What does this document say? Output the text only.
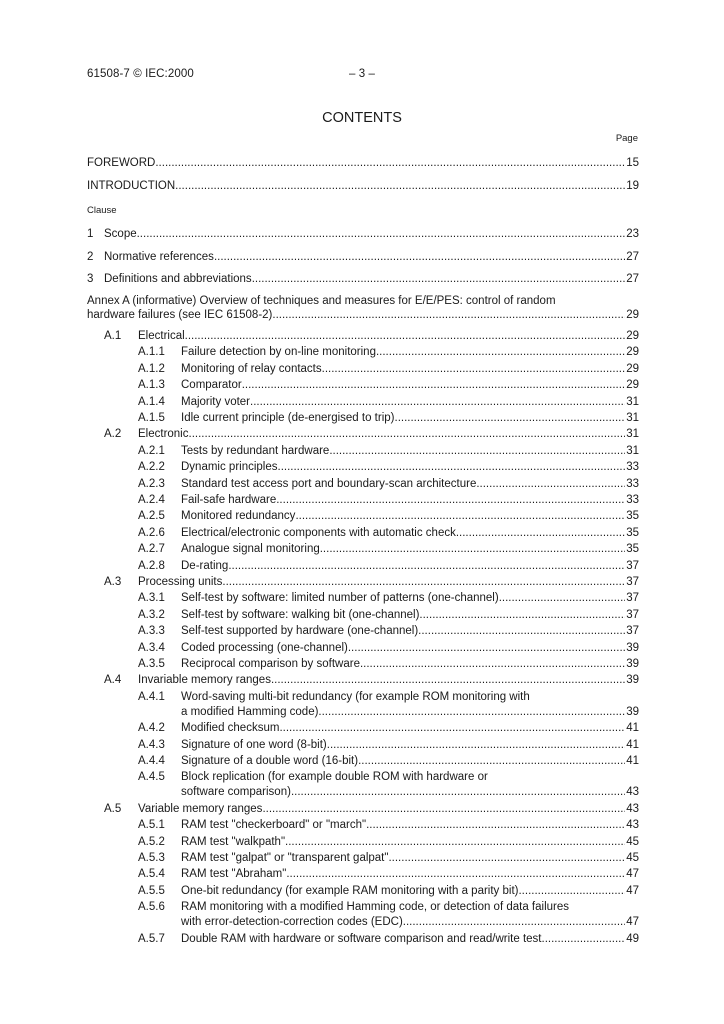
61508-7 © IEC:2000	– 3 –
CONTENTS
Page
Clause
FOREWORD .....	15
INTRODUCTION .....	19
1 Scope .....	23
2 Normative references .....	27
3 Definitions and abbreviations .....	27
Annex A (informative) Overview of techniques and measures for E/E/PES: control of random
hardware failures (see IEC 61508-2) .....	29
A.1 Electrical .....	29
A.1.1 Failure detection by on-line monitoring .....	29
A.1.2 Monitoring of relay contacts .....	29
A.1.3 Comparator .....	29
A.1.4 Majority voter .....	31
A.1.5 Idle current principle (de-energised to trip) .....	31
A.2 Electronic .....	31
A.2.1 Tests by redundant hardware .....	31
A.2.2 Dynamic principles .....	33
A.2.3 Standard test access port and boundary-scan architecture .....	33
A.2.4 Fail-safe hardware .....	33
A.2.5 Monitored redundancy .....	35
A.2.6 Electrical/electronic components with automatic check .....	35
A.2.7 Analogue signal monitoring .....	35
A.2.8 De-rating .....	37
A.3 Processing units .....	37
A.3.1 Self-test by software: limited number of patterns (one-channel) .....	37
A.3.2 Self-test by software: walking bit (one-channel) .....	37
A.3.3 Self-test supported by hardware (one-channel) .....	37
A.3.4 Coded processing (one-channel) .....	39
A.3.5 Reciprocal comparison by software .....	39
A.4 Invariable memory ranges .....	39
A.4.1 Word-saving multi-bit redundancy (for example ROM monitoring with
a modified Hamming code) .....	39
A.4.2 Modified checksum .....	41
A.4.3 Signature of one word (8-bit) .....	41
A.4.4 Signature of a double word (16-bit) .....	41
A.4.5 Block replication (for example double ROM with hardware or
software comparison) .....	43
A.5 Variable memory ranges .....	43
A.5.1 RAM test "checkerboard" or "march" .....	43
A.5.2 RAM test "walkpath" .....	45
A.5.3 RAM test "galpat" or "transparent galpat" .....	45
A.5.4 RAM test "Abraham" .....	47
A.5.5 One-bit redundancy (for example RAM monitoring with a parity bit) .....	47
A.5.6 RAM monitoring with a modified Hamming code, or detection of data failures
with error-detection-correction codes (EDC) .....	47
A.5.7 Double RAM with hardware or software comparison and read/write test .....	49
